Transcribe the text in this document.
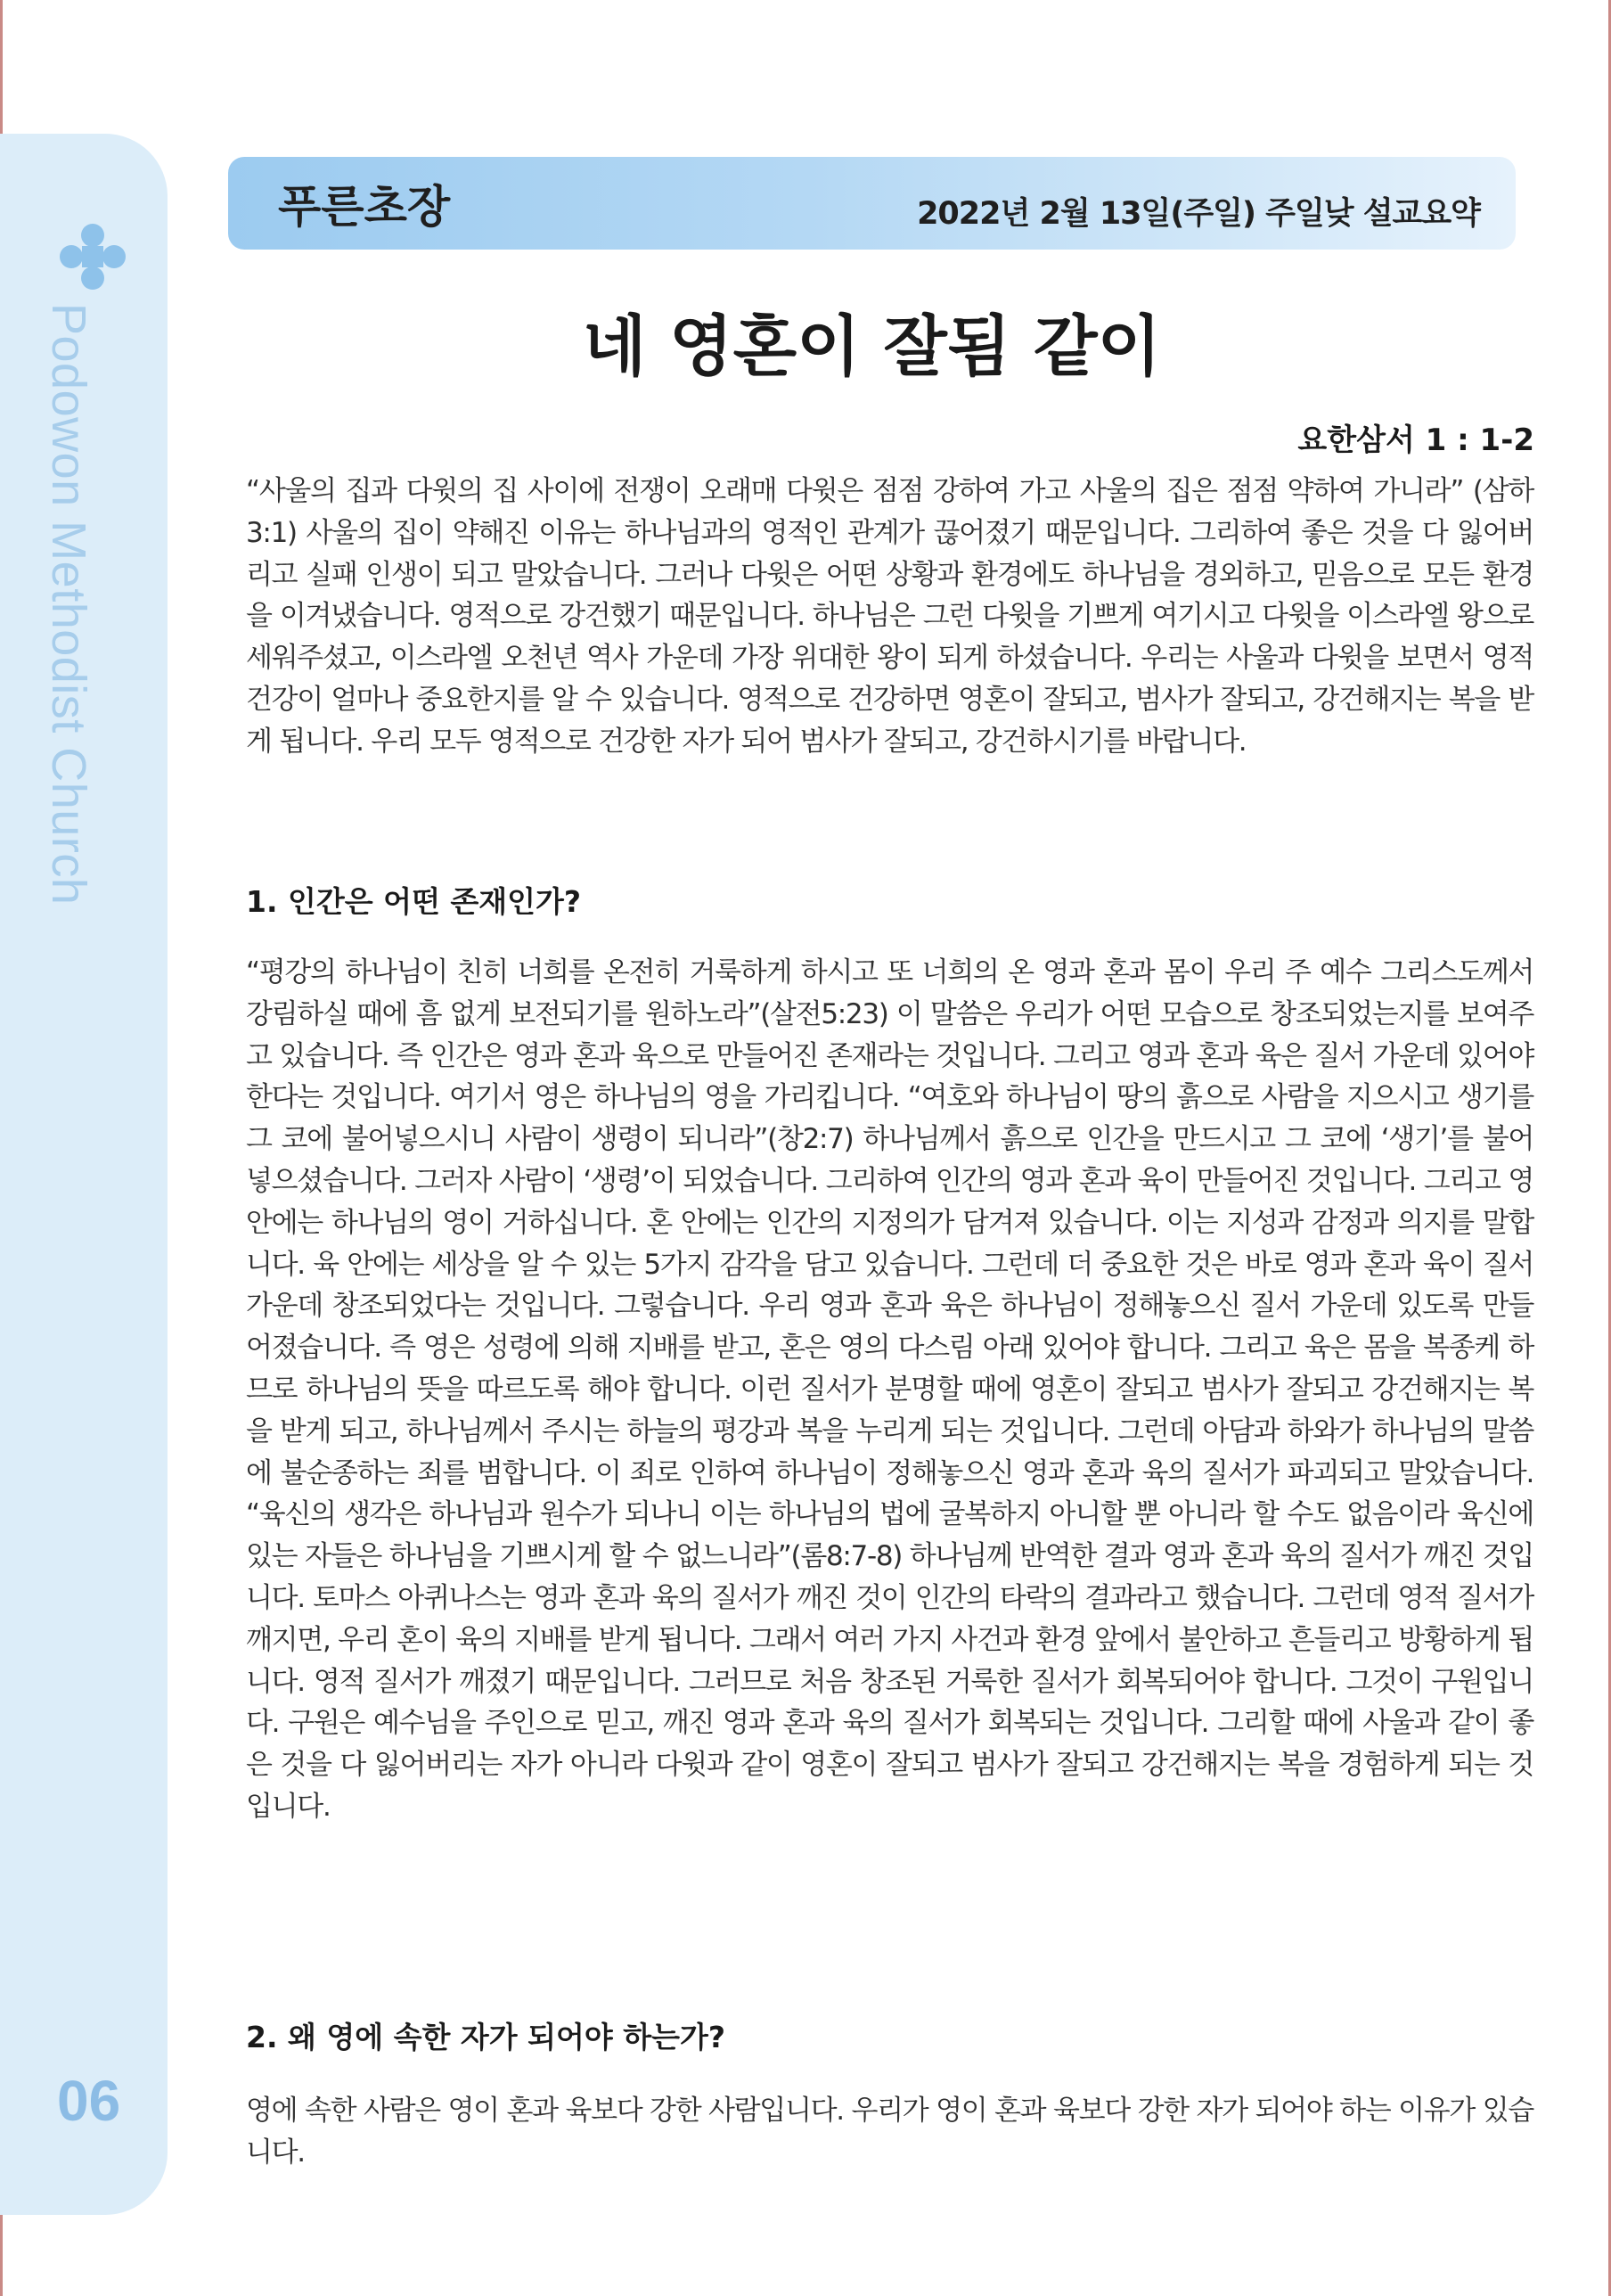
Podowon Methodist Church
06
푸른초장	2022년 2월 13일(주일) 주일낮 설교요약
네 영혼이 잘됨 같이
요한삼서 1 : 1-2

“사울의 집과 다윗의 집 사이에 전쟁이 오래매 다윗은 점점 강하여 가고 사울의 집은 점점 약하여 가니라” (삼하3:1) 사울의 집이 약해진 이유는 하나님과의 영적인 관계가 끊어졌기 때문입니다. 그리하여 좋은 것을 다 잃어버리고 실패 인생이 되고 말았습니다. 그러나 다윗은 어떤 상황과 환경에도 하나님을 경외하고, 믿음으로 모든 환경을 이겨냈습니다. 영적으로 강건했기 때문입니다. 하나님은 그런 다윗을 기쁘게 여기시고 다윗을 이스라엘 왕으로 세워주셨고, 이스라엘 오천년 역사 가운데 가장 위대한 왕이 되게 하셨습니다. 우리는 사울과 다윗을 보면서 영적 건강이 얼마나 중요한지를 알 수 있습니다. 영적으로 건강하면 영혼이 잘되고, 범사가 잘되고, 강건해지는 복을 받게 됩니다. 우리 모두 영적으로 건강한 자가 되어 범사가 잘되고, 강건하시기를 바랍니다.

1. 인간은 어떤 존재인가?

“평강의 하나님이 친히 너희를 온전히 거룩하게 하시고 또 너희의 온 영과 혼과 몸이 우리 주 예수 그리스도께서 강림하실 때에 흠 없게 보전되기를 원하노라”(살전5:23) 이 말씀은 우리가 어떤 모습으로 창조되었는지를 보여주고 있습니다. 즉 인간은 영과 혼과 육으로 만들어진 존재라는 것입니다. 그리고 영과 혼과 육은 질서 가운데 있어야 한다는 것입니다. 여기서 영은 하나님의 영을 가리킵니다. “여호와 하나님이 땅의 흙으로 사람을 지으시고 생기를 그 코에 불어넣으시니 사람이 생령이 되니라”(창2:7) 하나님께서 흙으로 인간을 만드시고 그 코에 ‘생기’를 불어 넣으셨습니다. 그러자 사람이 ‘생령’이 되었습니다. 그리하여 인간의 영과 혼과 육이 만들어진 것입니다. 그리고 영 안에는 하나님의 영이 거하십니다. 혼 안에는 인간의 지정의가 담겨져 있습니다. 이는 지성과 감정과 의지를 말합니다. 육 안에는 세상을 알 수 있는 5가지 감각을 담고 있습니다. 그런데 더 중요한 것은 바로 영과 혼과 육이 질서 가운데 창조되었다는 것입니다. 그렇습니다. 우리 영과 혼과 육은 하나님이 정해놓으신 질서 가운데 있도록 만들어졌습니다. 즉 영은 성령에 의해 지배를 받고, 혼은 영의 다스림 아래 있어야 합니다. 그리고 육은 몸을 복종케 하므로 하나님의 뜻을 따르도록 해야 합니다. 이런 질서가 분명할 때에 영혼이 잘되고 범사가 잘되고 강건해지는 복을 받게 되고, 하나님께서 주시는 하늘의 평강과 복을 누리게 되는 것입니다. 그런데 아담과 하와가 하나님의 말씀에 불순종하는 죄를 범합니다. 이 죄로 인하여 하나님이 정해놓으신 영과 혼과 육의 질서가 파괴되고 말았습니다. “육신의 생각은 하나님과 원수가 되나니 이는 하나님의 법에 굴복하지 아니할 뿐 아니라 할 수도 없음이라 육신에 있는 자들은 하나님을 기쁘시게 할 수 없느니라”(롬8:7-8) 하나님께 반역한 결과 영과 혼과 육의 질서가 깨진 것입니다. 토마스 아퀴나스는 영과 혼과 육의 질서가 깨진 것이 인간의 타락의 결과라고 했습니다. 그런데 영적 질서가 깨지면, 우리 혼이 육의 지배를 받게 됩니다. 그래서 여러 가지 사건과 환경 앞에서 불안하고 흔들리고 방황하게 됩니다. 영적 질서가 깨졌기 때문입니다. 그러므로 처음 창조된 거룩한 질서가 회복되어야 합니다. 그것이 구원입니다. 구원은 예수님을 주인으로 믿고, 깨진 영과 혼과 육의 질서가 회복되는 것입니다. 그리할 때에 사울과 같이 좋은 것을 다 잃어버리는 자가 아니라 다윗과 같이 영혼이 잘되고 범사가 잘되고 강건해지는 복을 경험하게 되는 것입니다.

2. 왜 영에 속한 자가 되어야 하는가?

영에 속한 사람은 영이 혼과 육보다 강한 사람입니다. 우리가 영이 혼과 육보다 강한 자가 되어야 하는 이유가 있습니다.
